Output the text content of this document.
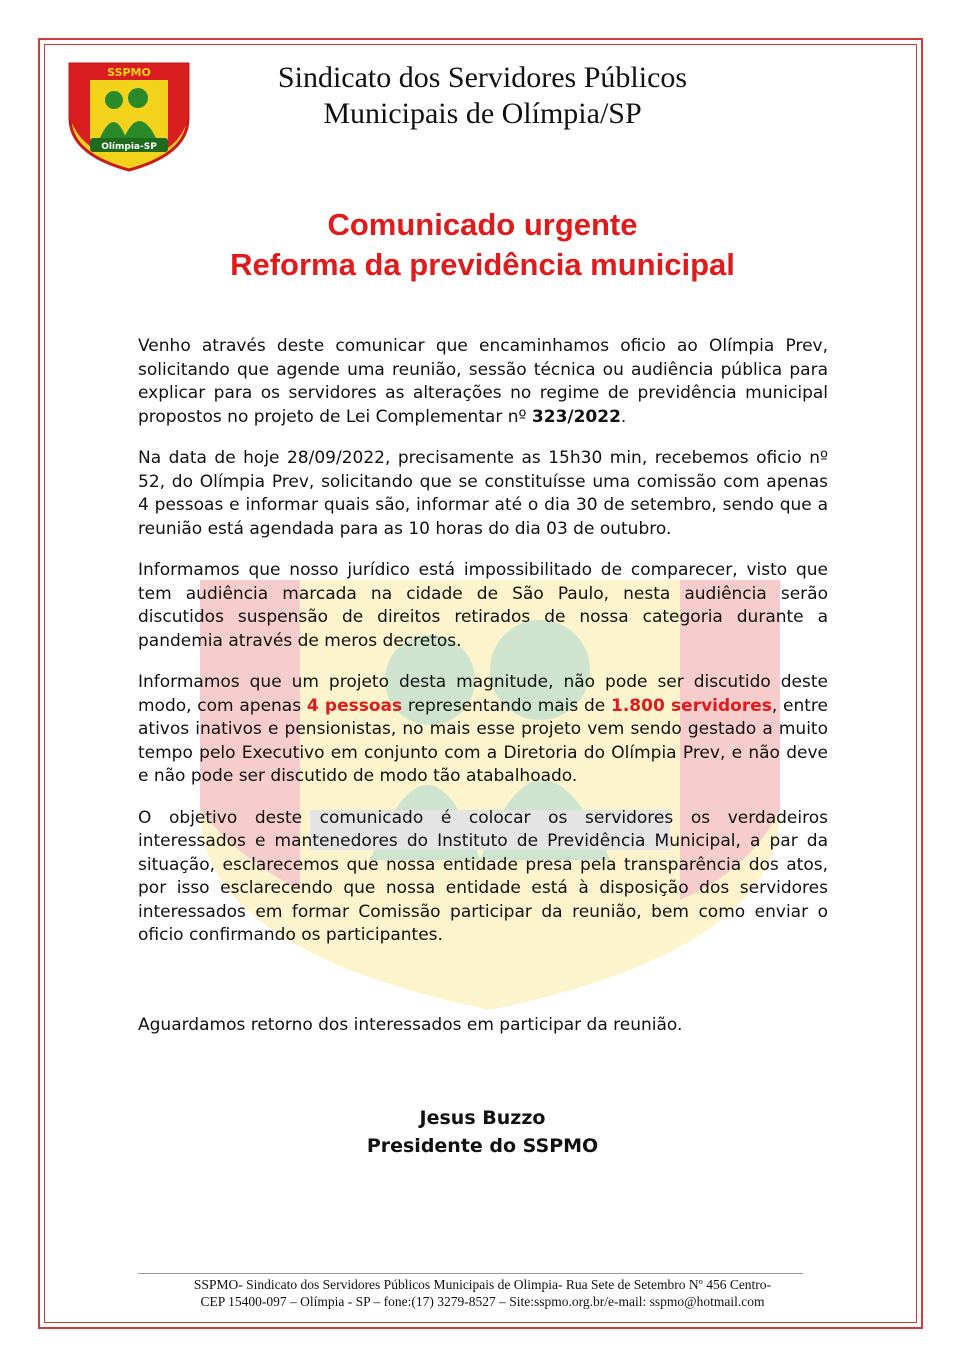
SSPMO
Olímpia-SP
Sindicato dos Servidores Públicos
Municipais de Olímpia/SP
Comunicado urgente
Reforma da previdência municipal

Venho através deste comunicar que encaminhamos oficio ao Olímpia Prev, solicitando que agende uma reunião, sessão técnica ou audiência pública para explicar para os servidores as alterações no regime de previdência municipal propostos no projeto de Lei Complementar nº 323/2022.

Na data de hoje 28/09/2022, precisamente as 15h30 min, recebemos oficio nº 52, do Olímpia Prev, solicitando que se constituísse uma comissão com apenas 4 pessoas e informar quais são, informar até o dia 30 de setembro, sendo que a reunião está agendada para as 10 horas do dia 03 de outubro.

Informamos que nosso jurídico está impossibilitado de comparecer, visto que tem audiência marcada na cidade de São Paulo, nesta audiência serão discutidos suspensão de direitos retirados de nossa categoria durante a pandemia através de meros decretos.

Informamos que um projeto desta magnitude, não pode ser discutido deste modo, com apenas 4 pessoas representando mais de 1.800 servidores, entre ativos inativos e pensionistas, no mais esse projeto vem sendo gestado a muito tempo pelo Executivo em conjunto com a Diretoria do Olímpia Prev, e não deve e não pode ser discutido de modo tão atabalhoado.

O objetivo deste comunicado é colocar os servidores os verdadeiros interessados e mantenedores do Instituto de Previdência Municipal, a par da situação, esclarecemos que nossa entidade presa pela transparência dos atos, por isso esclarecendo que nossa entidade está à disposição dos servidores interessados em formar Comissão participar da reunião, bem como enviar o oficio confirmando os participantes.

Aguardamos retorno dos interessados em participar da reunião.
Jesus Buzzo
Presidente do SSPMO
SSPMO- Sindicato dos Servidores Públicos Municipais de Olimpia- Rua Sete de Setembro Nº 456 Centro-
CEP 15400-097 – Olímpia - SP – fone:(17) 3279-8527 – Site:sspmo.org.br/e-mail: sspmo@hotmail.com
